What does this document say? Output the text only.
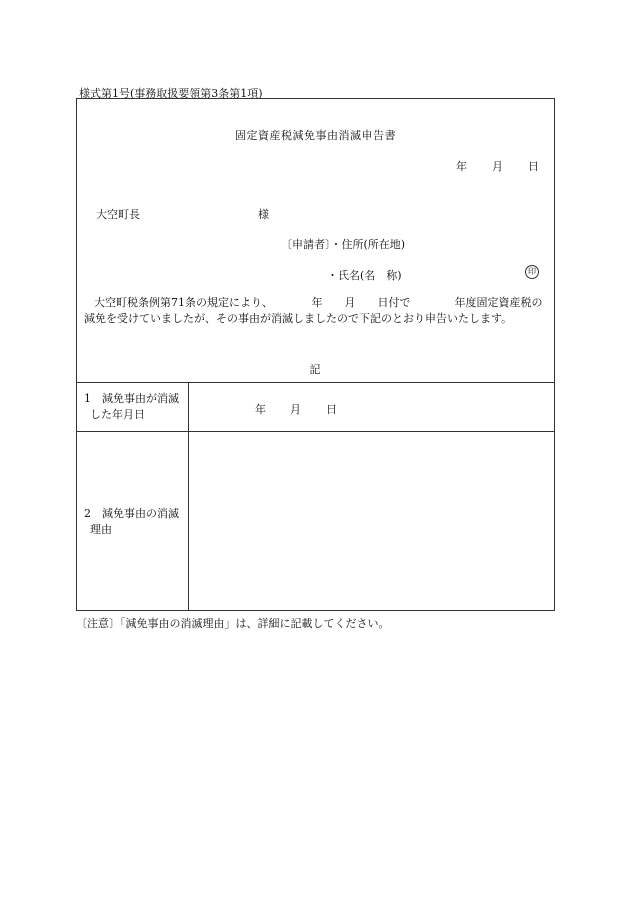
様式第1号(事務取扱要領第3条第1項)
固定資産税減免事由消滅申告書
年 月 日
大空町長	様
〔申請者〕・住所(所在地)
・氏名(名　称)	印
大空町税条例第71条の規定により、　　　　年　　月　　日付で　　　　年度固定資産税の減免を受けていましたが、その事由が消滅しましたので下記のとおり申告いたします。
記
1 減免事由が消滅
した年月日	年 月 日
2 減免事由の消滅
理由
〔注意〕「減免事由の消滅理由」は、詳細に記載してください。
